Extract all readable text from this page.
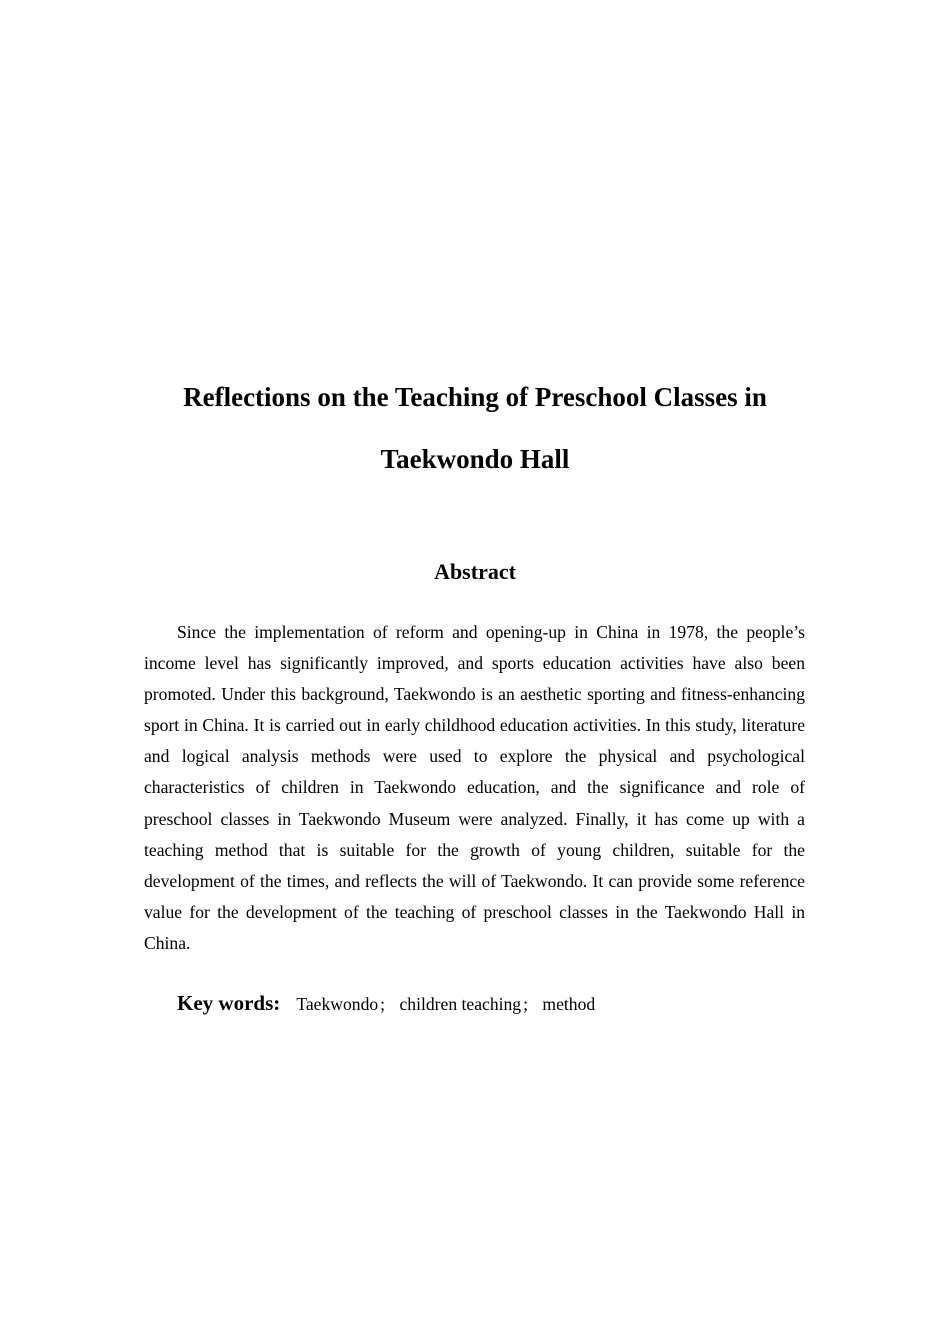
Reflections on the Teaching of Preschool Classes in
Taekwondo Hall
Abstract

Since the implementation of reform and opening-up in China in 1978, the people’s income level has significantly improved, and sports education activities have also been promoted. Under this background, Taekwondo is an aesthetic sporting and fitness-enhancing sport in China. It is carried out in early childhood education activities. In this study, literature and logical analysis methods were used to explore the physical and psychological characteristics of children in Taekwondo education, and the significance and role of preschool classes in Taekwondo Museum were analyzed. Finally, it has come up with a teaching method that is suitable for the growth of young children, suitable for the development of the times, and reflects the will of Taekwondo. It can provide some reference value for the development of the teaching of preschool classes in the Taekwondo Hall in China.

Key words: Taekwondo ; children teaching ; method
